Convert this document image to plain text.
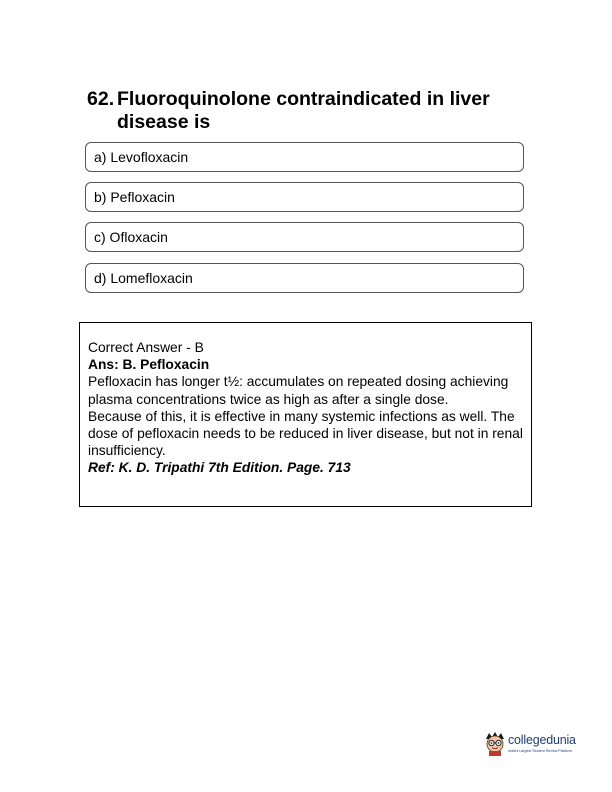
62. Fluoroquinolone contraindicated in liver
disease is
a) Levofloxacin
b) Pefloxacin
c) Ofloxacin
d) Lomefloxacin

Correct Answer - B

Ans: B. Pefloxacin

Pefloxacin has longer t½: accumulates on repeated dosing achieving plasma concentrations twice as high as after a single dose.

Because of this, it is effective in many systemic infections as well. The dose of pefloxacin needs to be reduced in liver disease, but not in renal insufficiency.

Ref: K. D. Tripathi 7th Edition. Page. 713

collegedunia
India's Largest Student Review Platform
